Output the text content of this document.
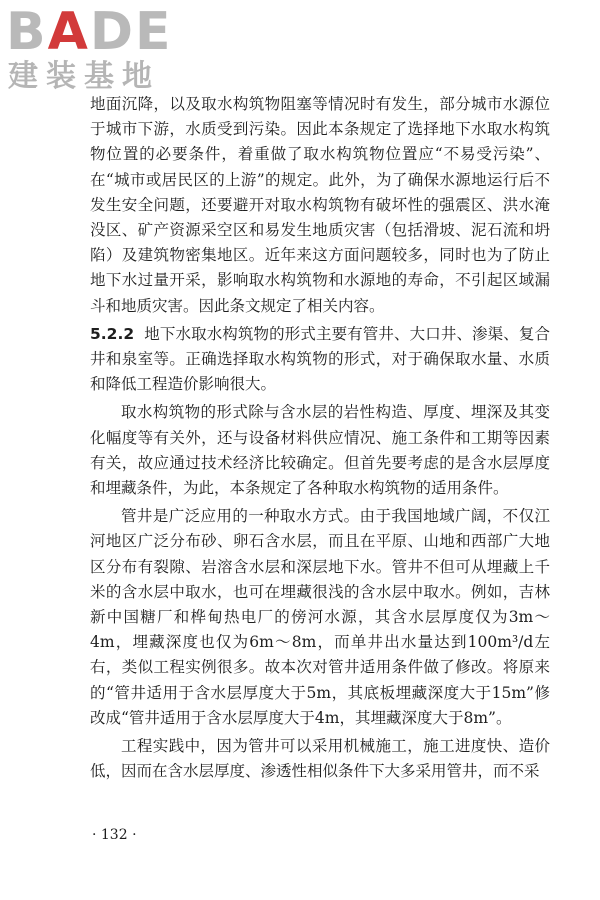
BADE
建装基地

地面沉降，以及取水构筑物阻塞等情况时有发生，部分城市水源位于城市下游，水质受到污染。因此本条规定了选择地下水取水构筑物位置的必要条件，着重做了取水构筑物位置应“不易受污染”、在“城市或居民区的上游”的规定。此外，为了确保水源地运行后不发生安全问题，还要避开对取水构筑物有破坏性的强震区、洪水淹没区、矿产资源采空区和易发生地质灾害（包括滑坡、泥石流和坍陷）及建筑物密集地区。近年来这方面问题较多，同时也为了防止地下水过量开采，影响取水构筑物和水源地的寿命，不引起区域漏斗和地质灾害。因此条文规定了相关内容。

5.2.2 地下水取水构筑物的形式主要有管井、大口井、渗渠、复合井和泉室等。正确选择取水构筑物的形式，对于确保取水量、水质和降低工程造价影响很大。

取水构筑物的形式除与含水层的岩性构造、厚度、埋深及其变化幅度等有关外，还与设备材料供应情况、施工条件和工期等因素有关，故应通过技术经济比较确定。但首先要考虑的是含水层厚度和埋藏条件，为此，本条规定了各种取水构筑物的适用条件。

管井是广泛应用的一种取水方式。由于我国地域广阔，不仅江河地区广泛分布砂、卵石含水层，而且在平原、山地和西部广大地区分布有裂隙、岩溶含水层和深层地下水。管井不但可从埋藏上千米的含水层中取水，也可在埋藏很浅的含水层中取水。例如，吉林新中国糖厂和桦甸热电厂的傍河水源，其含水层厚度仅为3m～4m，埋藏深度也仅为6m～8m，而单井出水量达到100m³/d左右，类似工程实例很多。故本次对管井适用条件做了修改。将原来的“管井适用于含水层厚度大于5m，其底板埋藏深度大于15m”修改成“管井适用于含水层厚度大于4m，其埋藏深度大于8m”。

工程实践中，因为管井可以采用机械施工，施工进度快、造价低，因而在含水层厚度、渗透性相似条件下大多采用管井，而不采

· 132 ·
